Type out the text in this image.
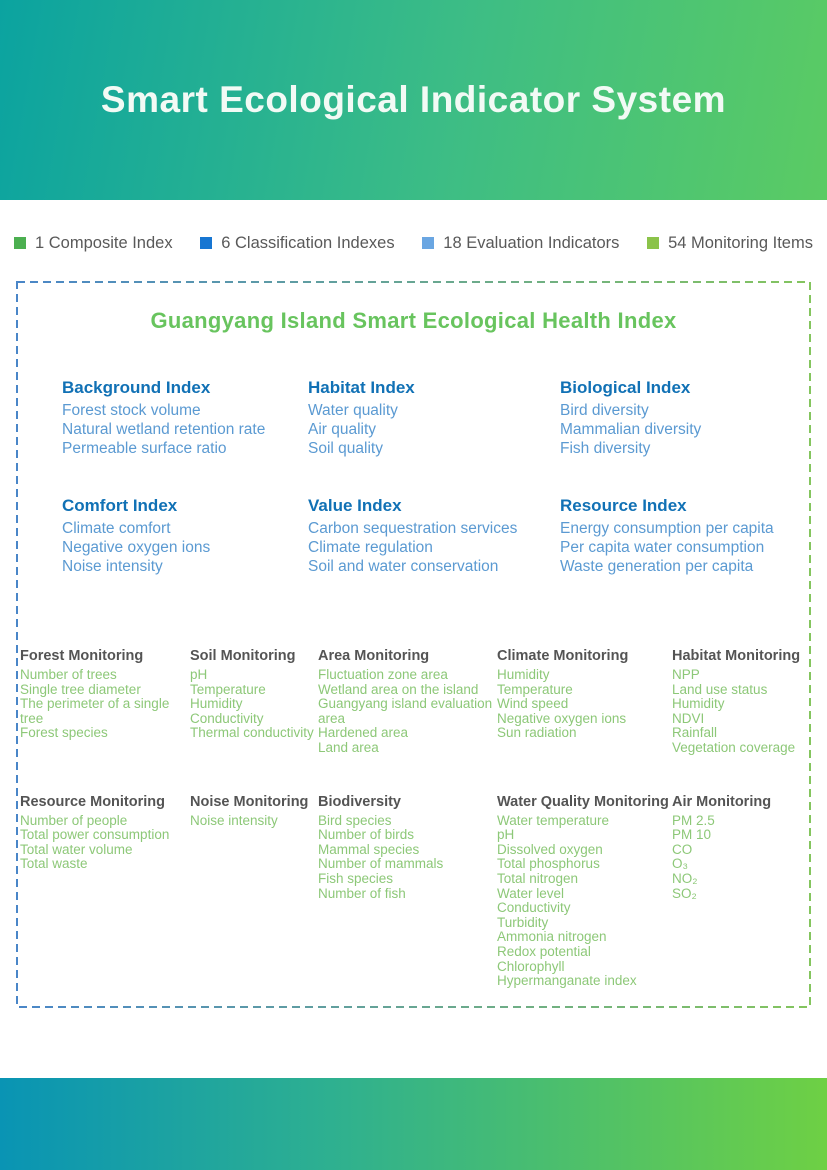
Smart Ecological Indicator System
1 Composite Index	6 Classification Indexes	18 Evaluation Indicators	54 Monitoring Items
Guangyang Island Smart Ecological Health Index
Background Index
Forest stock volume
Natural wetland retention rate
Permeable surface ratio
Habitat Index
Water quality
Air quality
Soil quality
Biological Index
Bird diversity
Mammalian diversity
Fish diversity
Comfort Index
Climate comfort
Negative oxygen ions
Noise intensity
Value Index
Carbon sequestration services
Climate regulation
Soil and water conservation
Resource Index
Energy consumption per capita
Per capita water consumption
Waste generation per capita
Forest Monitoring
Number of trees
Single tree diameter
The perimeter of a single tree
Forest species
Soil Monitoring
pH
Temperature
Humidity
Conductivity
Thermal conductivity
Area Monitoring
Fluctuation zone area
Wetland area on the island
Guangyang island evaluation area
Hardened area
Land area
Climate Monitoring
Humidity
Temperature
Wind speed
Negative oxygen ions
Sun radiation
Habitat Monitoring
NPP
Land use status
Humidity
NDVI
Rainfall
Vegetation coverage
Resource Monitoring
Number of people
Total power consumption
Total water volume
Total waste
Noise Monitoring
Noise intensity
Biodiversity
Bird species
Number of birds
Mammal species
Number of mammals
Fish species
Number of fish
Water Quality Monitoring
Water temperature
pH
Dissolved oxygen
Total phosphorus
Total nitrogen
Water level
Conductivity
Turbidity
Ammonia nitrogen
Redox potential
Chlorophyll
Hypermanganate index
Air Monitoring
PM 2.5
PM 10
CO
O₃
NO₂
SO₂
